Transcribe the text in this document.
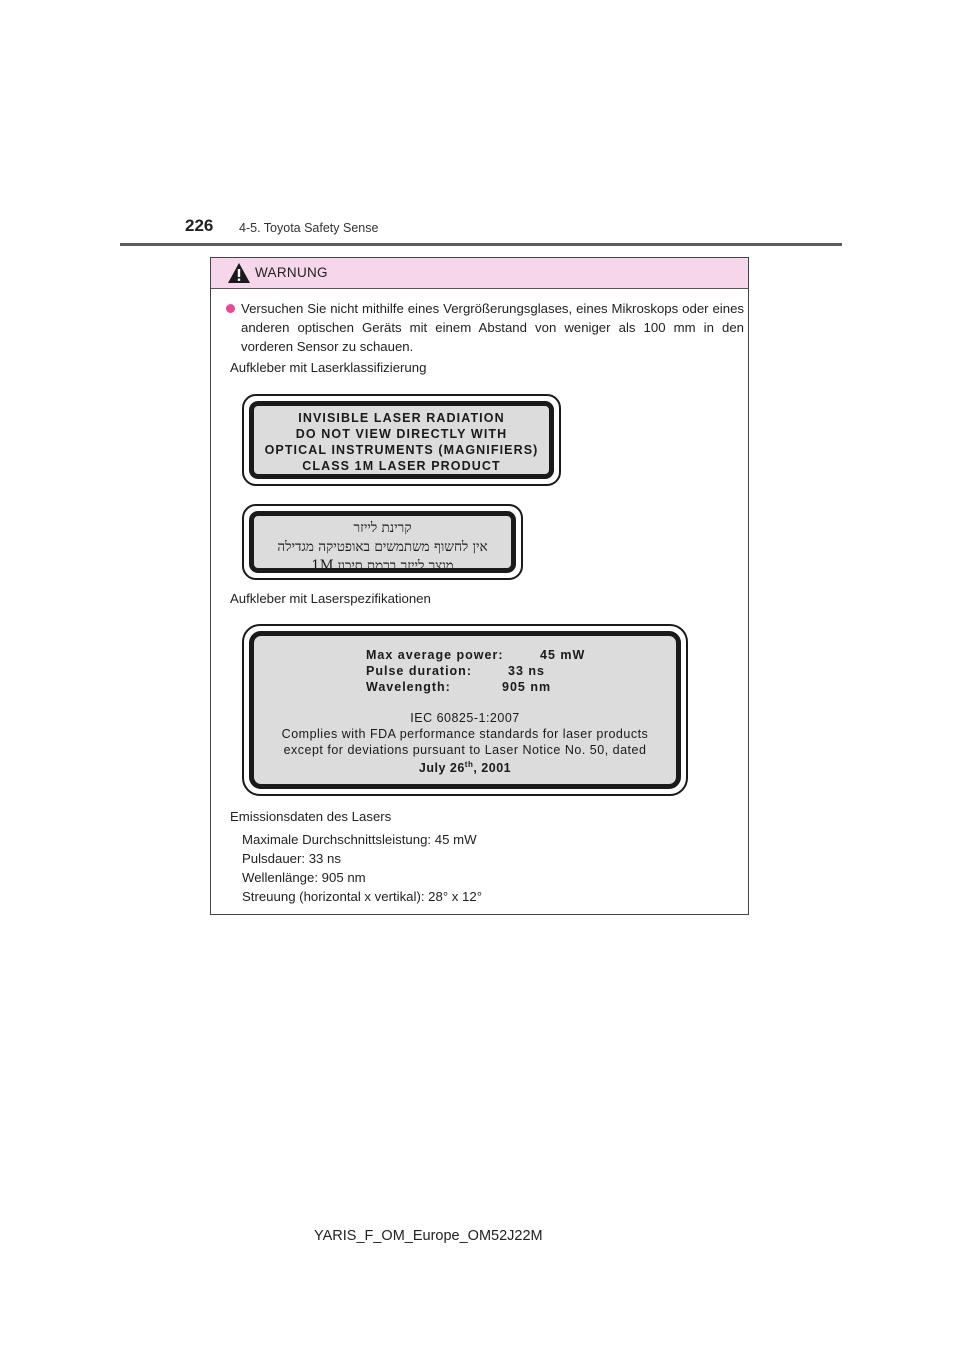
226 4-5. Toyota Safety Sense
WARNUNG
Versuchen Sie nicht mithilfe eines Vergrößerungsglases, eines Mikroskops oder eines anderen optischen Geräts mit einem Abstand von weniger als 100 mm in den vorderen Sensor zu schauen.
Aufkleber mit Laserklassifizierung
INVISIBLE LASER RADIATION
DO NOT VIEW DIRECTLY WITH
OPTICAL INSTRUMENTS (MAGNIFIERS)
CLASS 1M LASER PRODUCT
קרינת לייזר
אין לחשוף משתמשים באופטיקה מגדילה
מוצר לייזר ברמת סיכון 1M
Aufkleber mit Laserspezifikationen
Max average power:	45 mW
Pulse duration:	33 ns
Wavelength:	905 nm
IEC 60825-1:2007
Complies with FDA performance standards for laser products
except for deviations pursuant to Laser Notice No. 50, dated
July 26th, 2001
Emissionsdaten des Lasers
Maximale Durchschnittsleistung: 45 mW
Pulsdauer: 33 ns
Wellenlänge: 905 nm
Streuung (horizontal x vertikal): 28° x 12°
YARIS_F_OM_Europe_OM52J22M
